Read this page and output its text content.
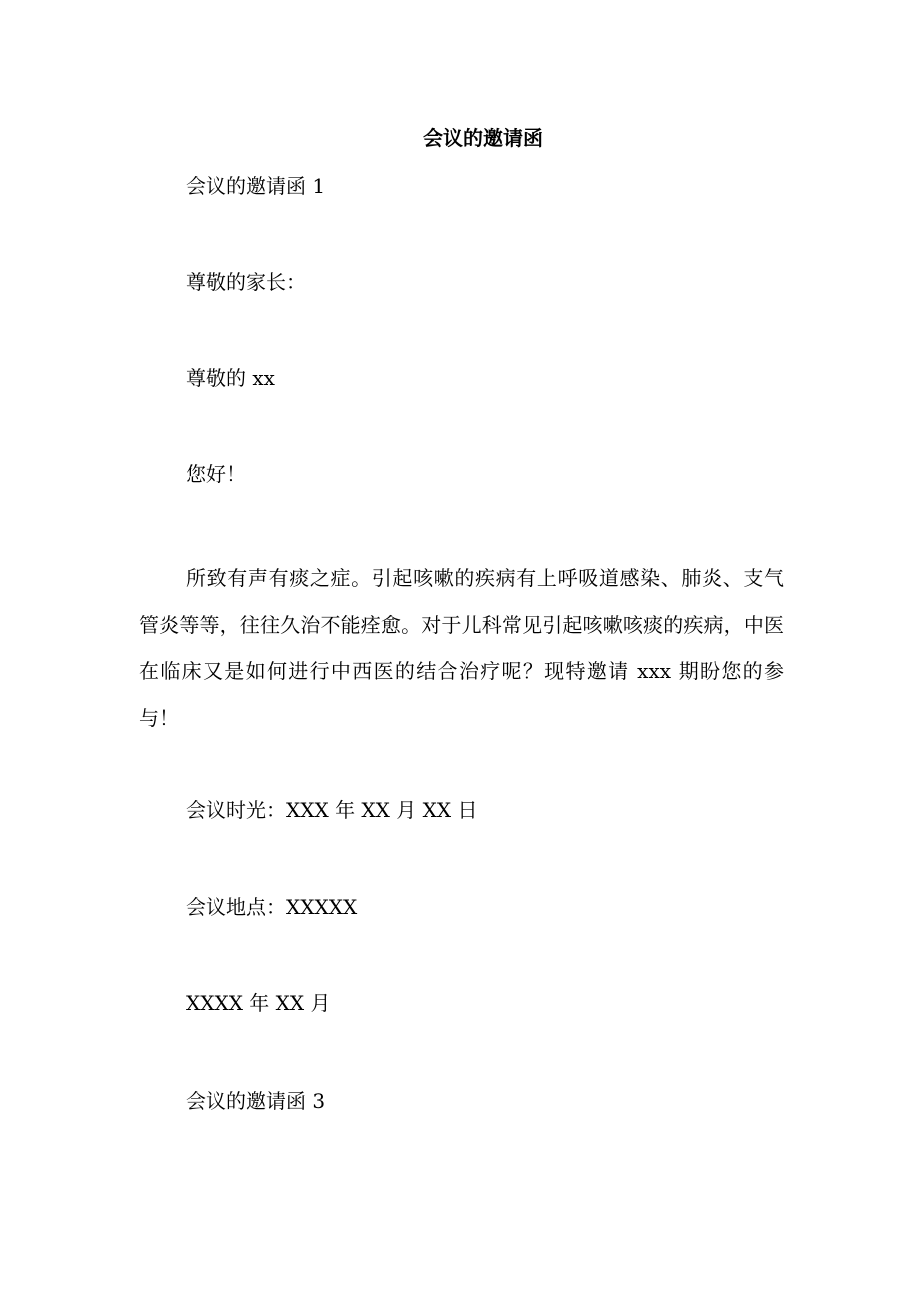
会议的邀请函
会议的邀请函 1
尊敬的家长：
尊敬的 xx
您好！
所致有声有痰之症。引起咳嗽的疾病有上呼吸道感染、肺炎、支气管炎等等，往往久治不能痊愈。对于儿科常见引起咳嗽咳痰的疾病，中医在临床又是如何进行中西医的结合治疗呢？现特邀请 xxx 期盼您的参与！
会议时光：XXX 年 XX 月 XX 日
会议地点：XXXXX
XXXX 年 XX 月
会议的邀请函 3
